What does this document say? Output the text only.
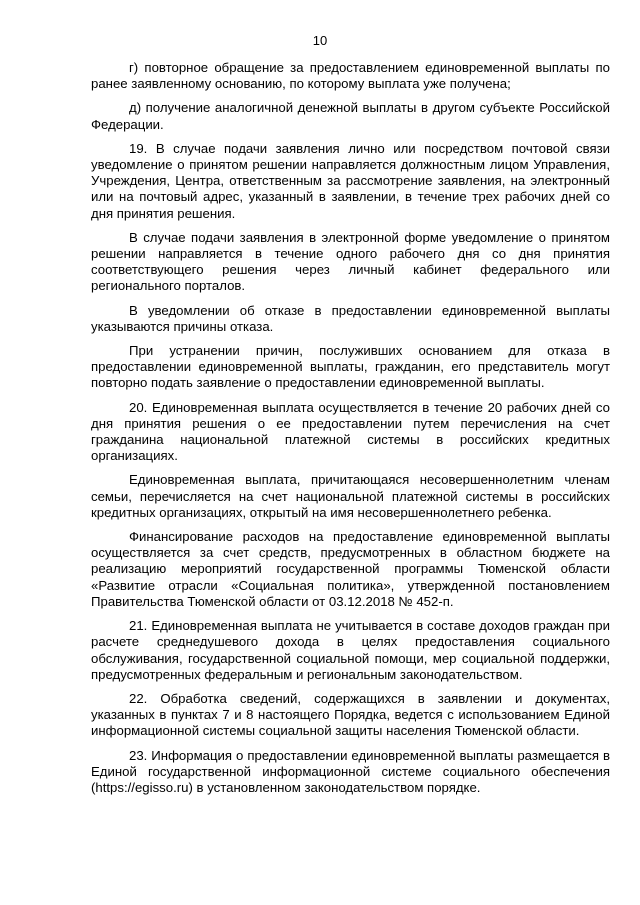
10

г) повторное обращение за предоставлением единовременной выплаты по ранее заявленному основанию, по которому выплата уже получена;

д) получение аналогичной денежной выплаты в другом субъекте Российской Федерации.

19. В случае подачи заявления лично или посредством почтовой связи уведомление о принятом решении направляется должностным лицом Управления, Учреждения, Центра, ответственным за рассмотрение заявления, на электронный или на почтовый адрес, указанный в заявлении, в течение трех рабочих дней со дня принятия решения.

В случае подачи заявления в электронной форме уведомление о принятом решении направляется в течение одного рабочего дня со дня принятия соответствующего решения через личный кабинет федерального или регионального порталов.

В уведомлении об отказе в предоставлении единовременной выплаты указываются причины отказа.

При устранении причин, послуживших основанием для отказа в предоставлении единовременной выплаты, гражданин, его представитель могут повторно подать заявление о предоставлении единовременной выплаты.

20. Единовременная выплата осуществляется в течение 20 рабочих дней со дня принятия решения о ее предоставлении путем перечисления на счет гражданина национальной платежной системы в российских кредитных организациях.

Единовременная выплата, причитающаяся несовершеннолетним членам семьи, перечисляется на счет национальной платежной системы в российских кредитных организациях, открытый на имя несовершеннолетнего ребенка.

Финансирование расходов на предоставление единовременной выплаты осуществляется за счет средств, предусмотренных в областном бюджете на реализацию мероприятий государственной программы Тюменской области «Развитие отрасли «Социальная политика», утвержденной постановлением Правительства Тюменской области от 03.12.2018 № 452-п.

21. Единовременная выплата не учитывается в составе доходов граждан при расчете среднедушевого дохода в целях предоставления социального обслуживания, государственной социальной помощи, мер социальной поддержки, предусмотренных федеральным и региональным законодательством.

22. Обработка сведений, содержащихся в заявлении и документах, указанных в пунктах 7 и 8 настоящего Порядка, ведется с использованием Единой информационной системы социальной защиты населения Тюменской области.

23. Информация о предоставлении единовременной выплаты размещается в Единой государственной информационной системе социального обеспечения (https://egisso.ru) в установленном законодательством порядке.
